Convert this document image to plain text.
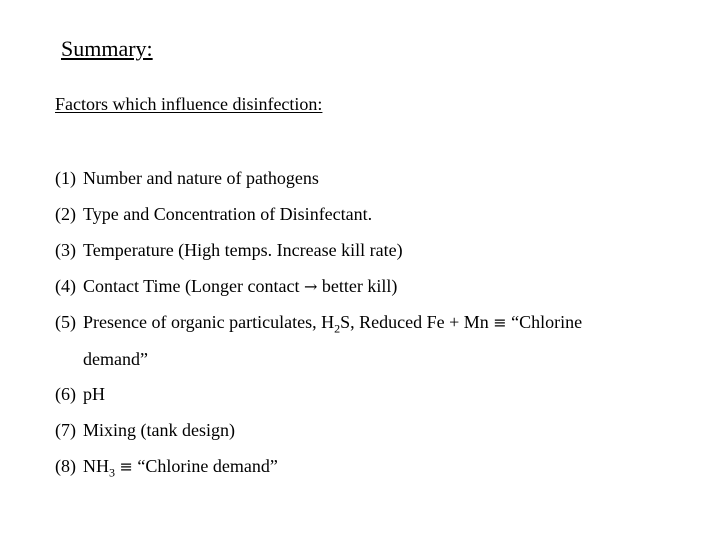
Summary:
Factors which influence disinfection:
(1) Number and nature of pathogens
(2) Type and Concentration of Disinfectant.
(3) Temperature (High temps. Increase kill rate)
(4) Contact Time (Longer contact → better kill)
(5) Presence of organic particulates, $H_2S$, Reduced Fe + Mn ≡ “Chlorine
demand”
(6) pH
(7) Mixing (tank design)
(8) $NH_3$ ≡ “Chlorine demand”
